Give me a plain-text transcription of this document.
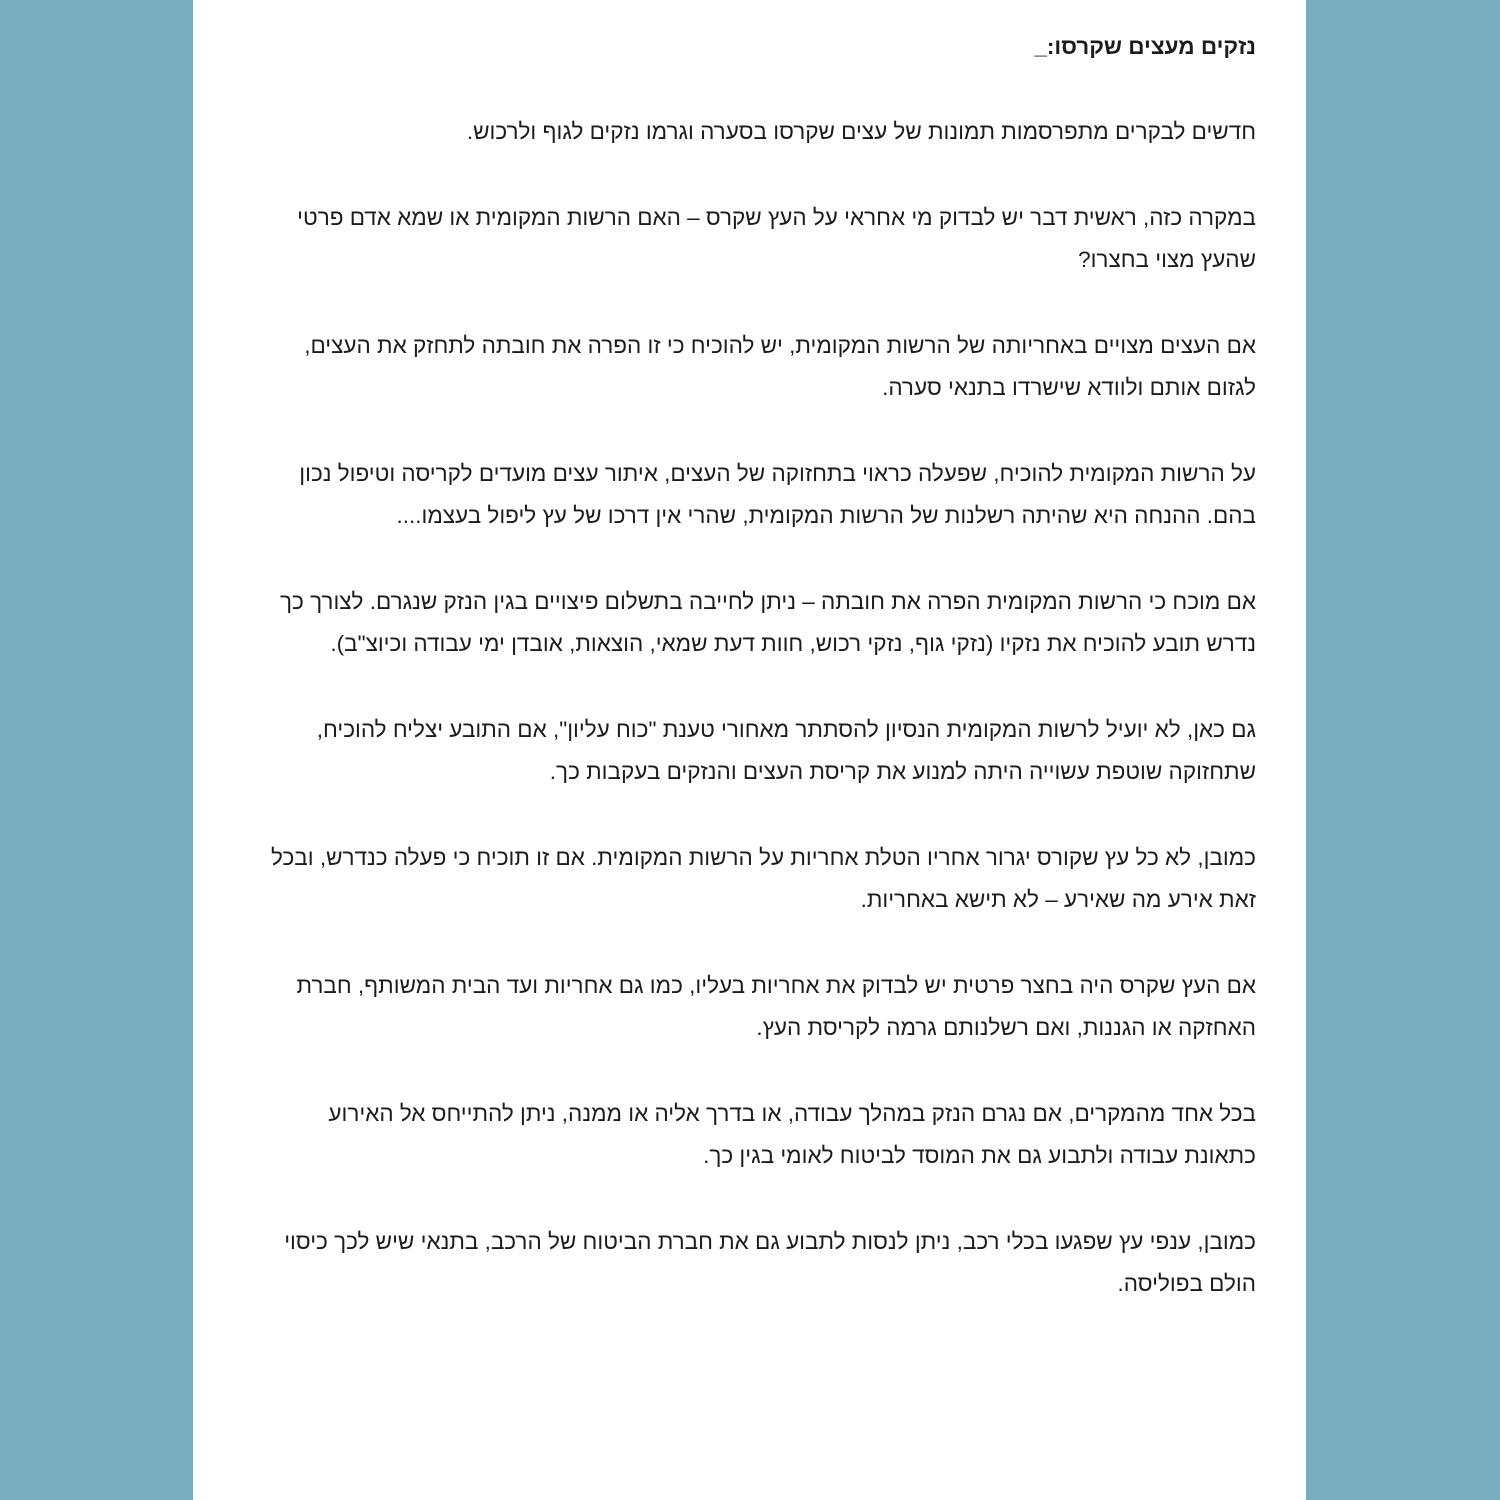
נזקים מעצים שקרסו:_

חדשים לבקרים מתפרסמות תמונות של עצים שקרסו בסערה וגרמו נזקים לגוף ולרכוש.

במקרה כזה, ראשית דבר יש לבדוק מי אחראי על העץ שקרס – האם הרשות המקומית או שמא אדם פרטי שהעץ מצוי בחצרו?

אם העצים מצויים באחריותה של הרשות המקומית, יש להוכיח כי זו הפרה את חובתה לתחזק את העצים, לגזום אותם ולוודא שישרדו בתנאי סערה.

על הרשות המקומית להוכיח, שפעלה כראוי בתחזוקה של העצים, איתור עצים מועדים לקריסה וטיפול נכון בהם. ההנחה היא שהיתה רשלנות של הרשות המקומית, שהרי אין דרכו של עץ ליפול בעצמו....

אם מוכח כי הרשות המקומית הפרה את חובתה – ניתן לחייבה בתשלום פיצויים בגין הנזק שנגרם. לצורך כך נדרש תובע להוכיח את נזקיו (נזקי גוף, נזקי רכוש, חוות דעת שמאי, הוצאות, אובדן ימי עבודה וכיוצ"ב).

גם כאן, לא יועיל לרשות המקומית הנסיון להסתתר מאחורי טענת "כוח עליון", אם התובע יצליח להוכיח, שתחזוקה שוטפת עשוייה היתה למנוע את קריסת העצים והנזקים בעקבות כך.

כמובן, לא כל עץ שקורס יגרור אחריו הטלת אחריות על הרשות המקומית. אם זו תוכיח כי פעלה כנדרש, ובכל זאת אירע מה שאירע – לא תישא באחריות.

אם העץ שקרס היה בחצר פרטית יש לבדוק את אחריות בעליו, כמו גם אחריות ועד הבית המשותף, חברת האחזקה או הגננות, ואם רשלנותם גרמה לקריסת העץ.

בכל אחד מהמקרים, אם נגרם הנזק במהלך עבודה, או בדרך אליה או ממנה, ניתן להתייחס אל האירוע כתאונת עבודה ולתבוע גם את המוסד לביטוח לאומי בגין כך.

כמובן, ענפי עץ שפגעו בכלי רכב, ניתן לנסות לתבוע גם את חברת הביטוח של הרכב, בתנאי שיש לכך כיסוי הולם בפוליסה.
